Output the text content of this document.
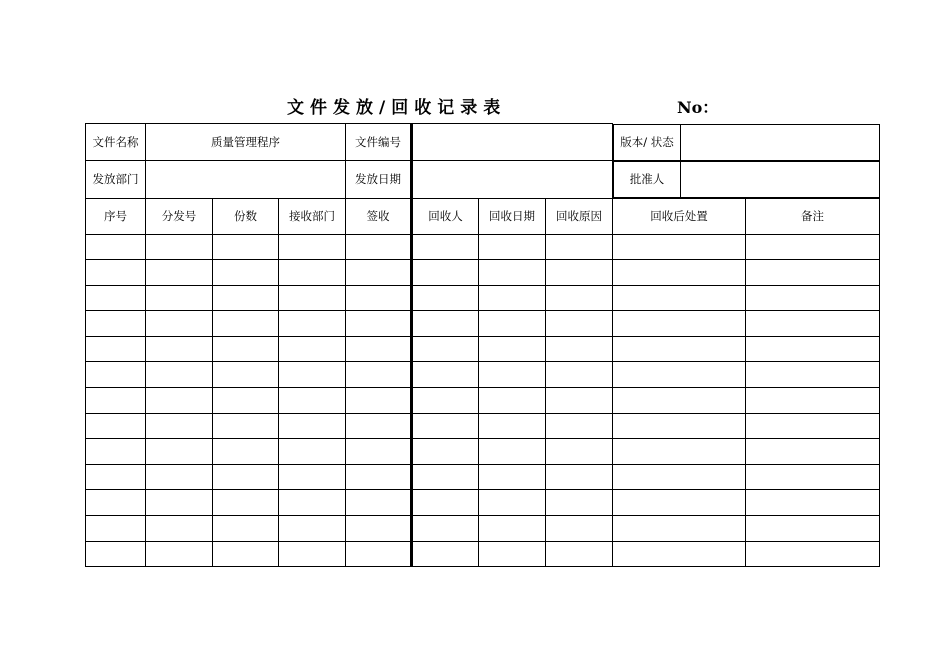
文件发放/回收记录表	No：
文件名称	质量管理程序	文件编号			版本/ 状态	

发放部门		发放日期			批准人	

序号	分发号	份数	接收部门	签收	回收人	回收日期	回收原因	回收后处置	备注
